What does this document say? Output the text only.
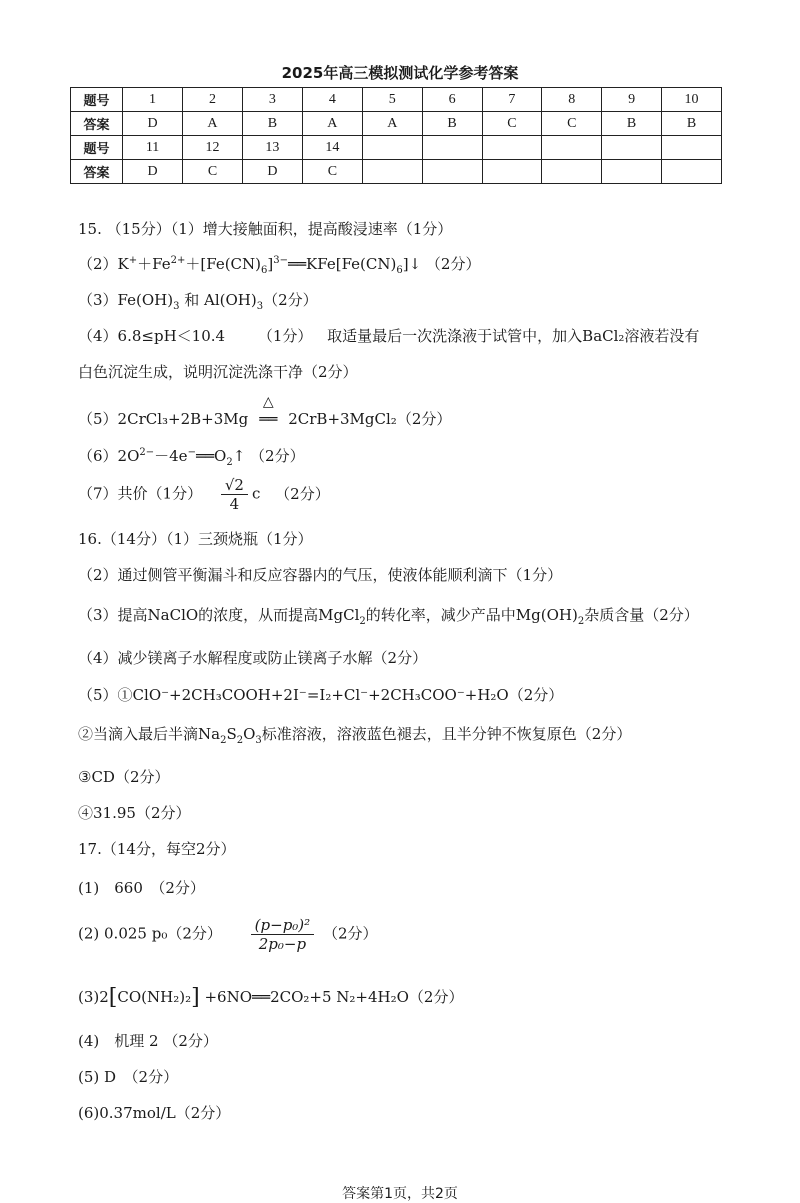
2025年高三模拟测试化学参考答案
题号	1	2	3	4	5	6	7	8	9	10
答案	D	A	B	A	A	B	C	C	B	B
题号	11	12	13	14						
答案	D	C	D	C						
15. （15分）（1）增大接触面积，提高酸浸速率（1分）
$(2)K^++Fe^{2+}+[Fe(CN)_6]^{3-}══KFe[Fe(CN)_6]↓$ （2分）
$(3)Fe(OH)_3$ 和 $Al(OH)_3(2$分）
（4）6.8≤pH＜10.4 （1分） 取适量最后一次洗涤液于试管中，加入BaCl₂溶液若没有
白色沉淀生成，说明沉淀洗涤干净（2分）
（5）2CrCl₃+2B+3Mg
△
══ 2CrB+3MgCl₂（2分）
$(6)2O^{2-}-4e^-══O_2↑$ （2分）
（7）共价（1分） $\frac{√2}{4}$ c （2分）
16.（14分）（1）三颈烧瓶（1分）
（2）通过侧管平衡漏斗和反应容器内的气压，使液体能顺利滴下（1分）
（3）提高NaClO的浓度，从而提高MgCl$_2$的转化率，减少产品中$Mg(OH)_2$杂质含量（2分）
（4）减少镁离子水解程度或防止镁离子水解（2分）
（5）①ClO⁻+2CH₃COOH+2I⁻=I₂+Cl⁻+2CH₃COO⁻+H₂O（2分）
②当滴入最后半滴$Na_2S_2O_3$标准溶液，溶液蓝色褪去，且半分钟不恢复原色（2分）
③CD（2分）
④31.95（2分）
17.（14分，每空2分）
(1)　660　（2分）
(2) 0.025 p₀（2分） $\frac{\text{(p−p₀)²}}{\text{2p₀−p}} (2$分）
(3)2[CO(NH₂)₂] +6NO══2CO₂+5 N₂+4H₂O（2分）
(4)　机理 2 （2分）
(5) D　（2分）
(6)0.37mol/L（2分）
答案第1页，共2页
